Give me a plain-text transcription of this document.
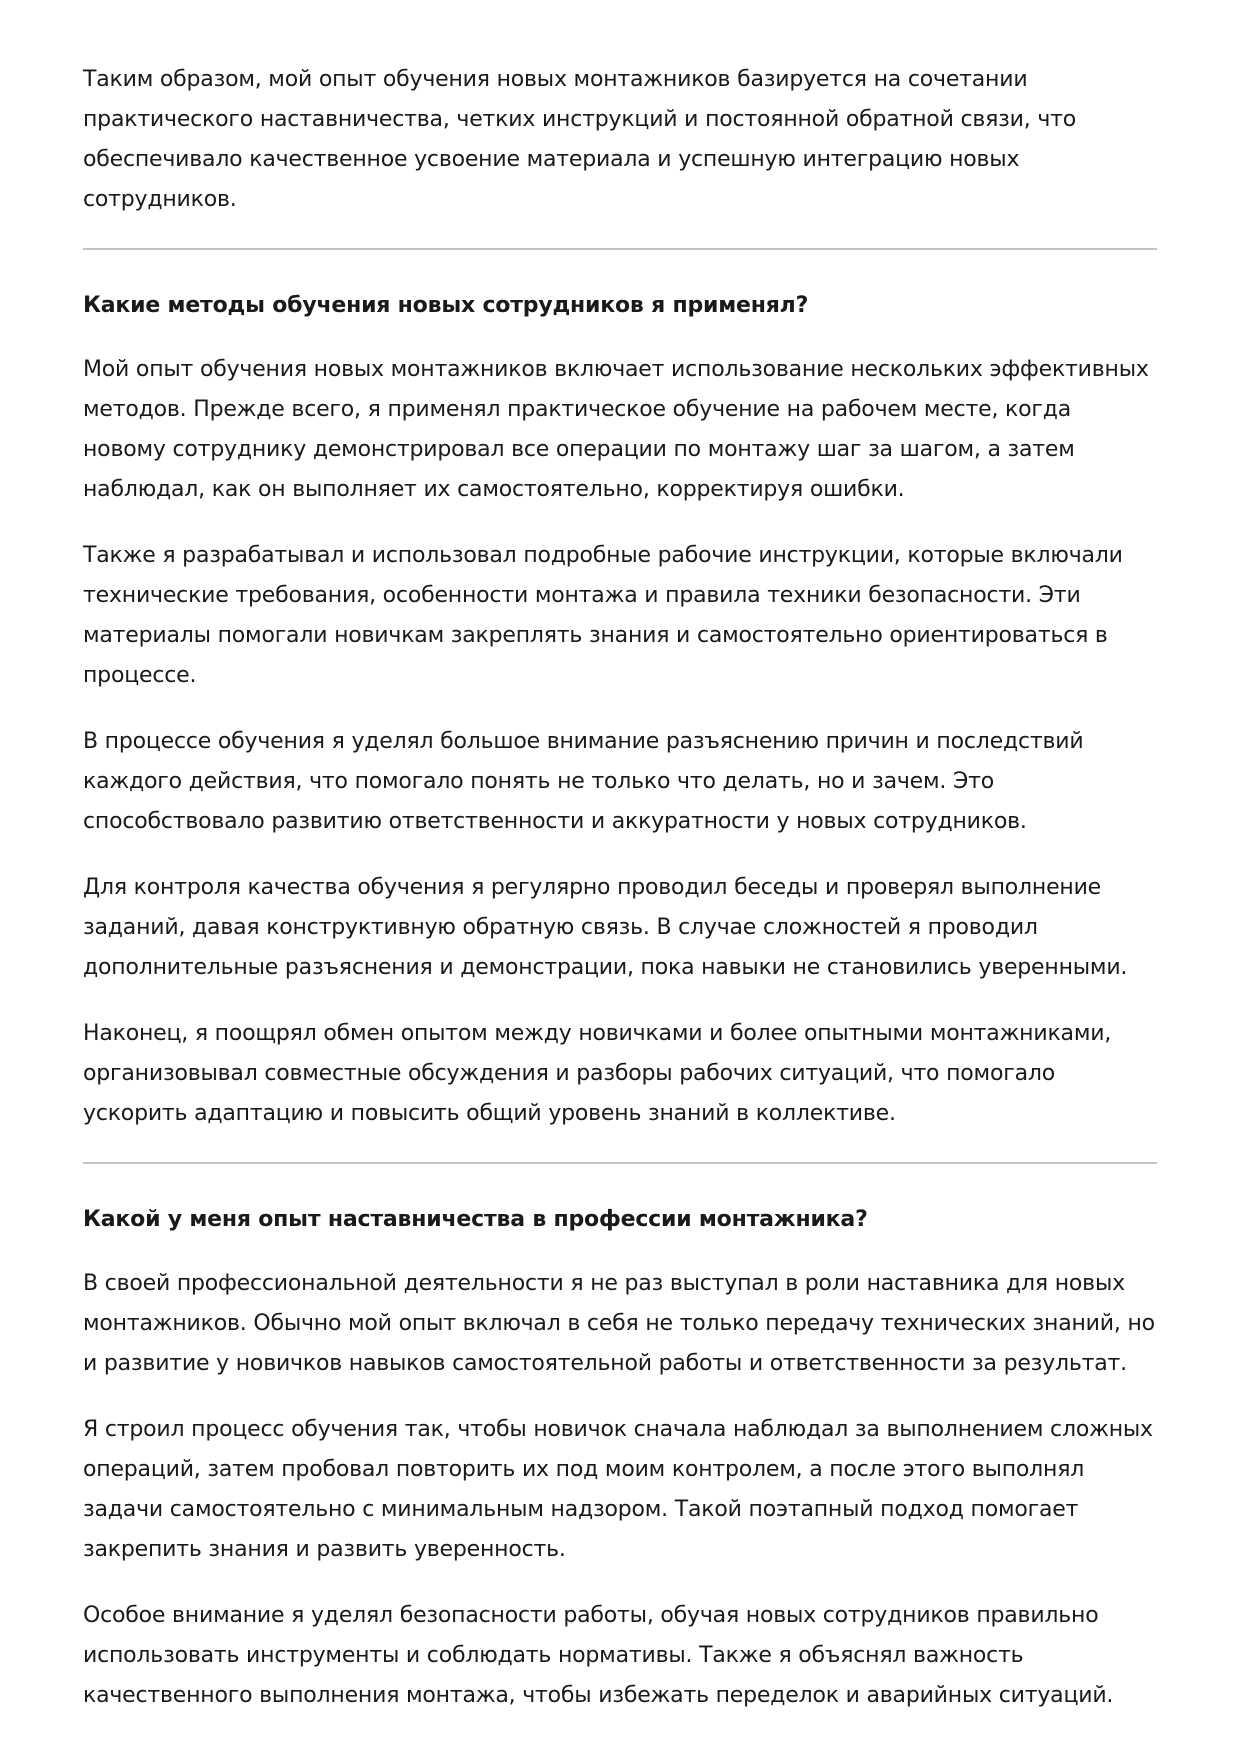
Таким образом, мой опыт обучения новых монтажников базируется на сочетании практического наставничества, четких инструкций и постоянной обратной связи, что обеспечивало качественное усвоение материала и успешную интеграцию новых сотрудников.

Какие методы обучения новых сотрудников я применял?

Мой опыт обучения новых монтажников включает использование нескольких эффективных методов. Прежде всего, я применял практическое обучение на рабочем месте, когда новому сотруднику демонстрировал все операции по монтажу шаг за шагом, а затем наблюдал, как он выполняет их самостоятельно, корректируя ошибки.

Также я разрабатывал и использовал подробные рабочие инструкции, которые включали технические требования, особенности монтажа и правила техники безопасности. Эти материалы помогали новичкам закреплять знания и самостоятельно ориентироваться в процессе.

В процессе обучения я уделял большое внимание разъяснению причин и последствий каждого действия, что помогало понять не только что делать, но и зачем. Это способствовало развитию ответственности и аккуратности у новых сотрудников.

Для контроля качества обучения я регулярно проводил беседы и проверял выполнение заданий, давая конструктивную обратную связь. В случае сложностей я проводил дополнительные разъяснения и демонстрации, пока навыки не становились уверенными.

Наконец, я поощрял обмен опытом между новичками и более опытными монтажниками, организовывал совместные обсуждения и разборы рабочих ситуаций, что помогало ускорить адаптацию и повысить общий уровень знаний в коллективе.

Какой у меня опыт наставничества в профессии монтажника?

В своей профессиональной деятельности я не раз выступал в роли наставника для новых монтажников. Обычно мой опыт включал в себя не только передачу технических знаний, но и развитие у новичков навыков самостоятельной работы и ответственности за результат.

Я строил процесс обучения так, чтобы новичок сначала наблюдал за выполнением сложных операций, затем пробовал повторить их под моим контролем, а после этого выполнял задачи самостоятельно с минимальным надзором. Такой поэтапный подход помогает закрепить знания и развить уверенность.

Особое внимание я уделял безопасности работы, обучая новых сотрудников правильно использовать инструменты и соблюдать нормативы. Также я объяснял важность качественного выполнения монтажа, чтобы избежать переделок и аварийных ситуаций.
